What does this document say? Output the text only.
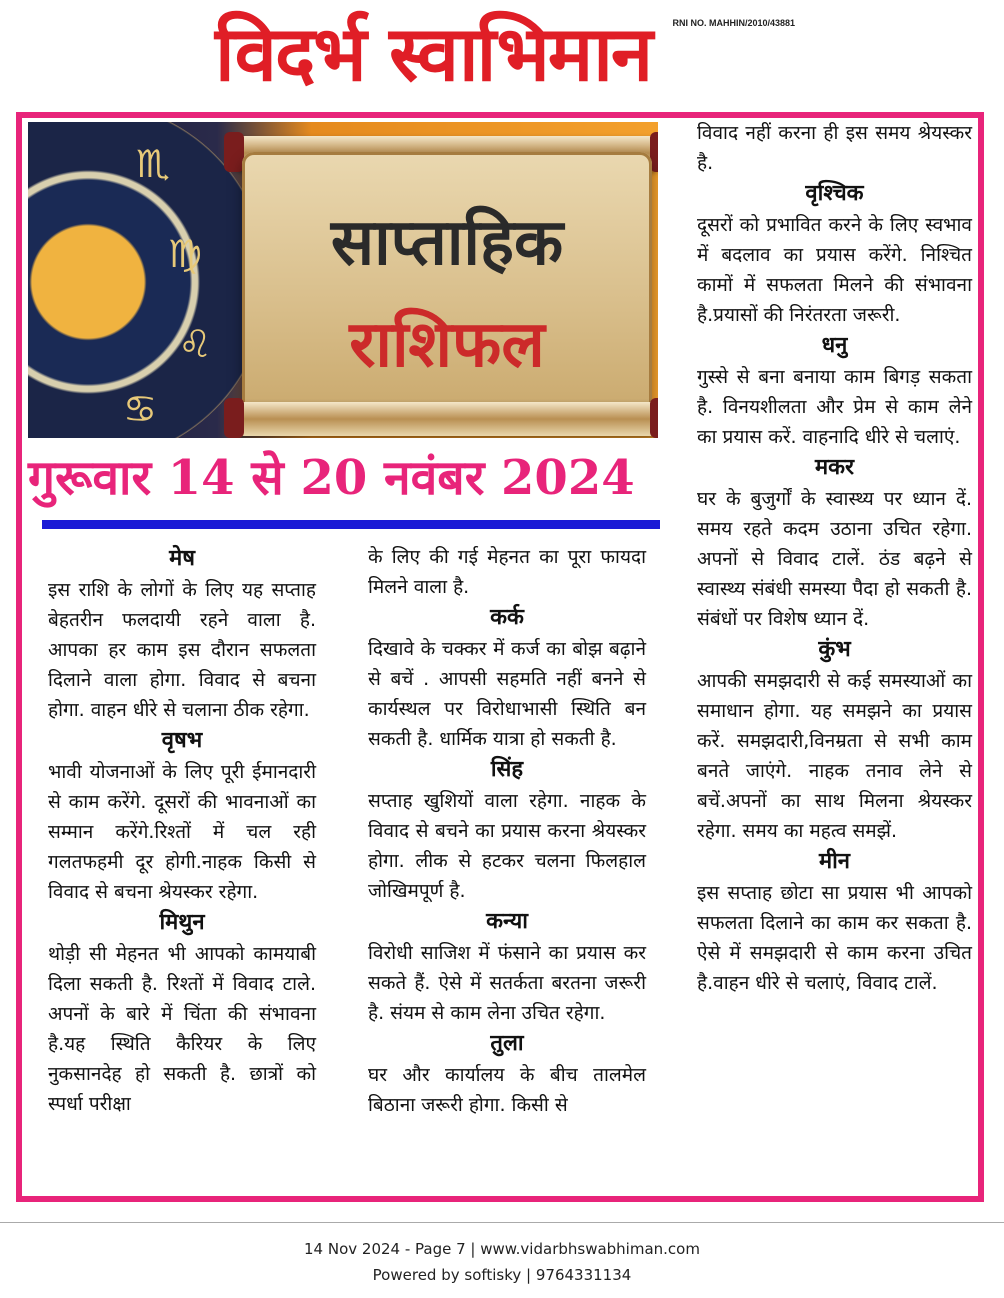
विदर्भ स्वाभिमान RNI NO. MAHHIN/2010/43881
♏
♍
♌
♋
साप्ताहिक
राशिफल
गुरूवार 14 से 20 नवंबर 2024
मेष

इस राशि के लोगों के लिए यह सप्ताह बेहतरीन फलदायी रहने वाला है. आपका हर काम इस दौरान सफलता दिलाने वाला होगा. विवाद से बचना होगा. वाहन धीरे से चलाना ठीक रहेगा.

वृषभ

भावी योजनाओं के लिए पूरी ईमानदारी से काम करेंगे. दूसरों की भावनाओं का सम्मान करेंगे.रिश्तों में चल रही गलतफहमी दूर होगी.नाहक किसी से विवाद से बचना श्रेयस्कर रहेगा.

मिथुन

थोड़ी सी मेहनत भी आपको कामयाबी दिला सकती है. रिश्तों में विवाद टाले. अपनों के बारे में चिंता की संभावना है.यह स्थिति कैरियर के लिए नुकसानदेह हो सकती है. छात्रों को स्पर्धा परीक्षा

के लिए की गई मेहनत का पूरा फायदा मिलने वाला है.

कर्क

दिखावे के चक्कर में कर्ज का बोझ बढ़ाने से बचें . आपसी सहमति नहीं बनने से कार्यस्थल पर विरोधाभासी स्थिति बन सकती है. धार्मिक यात्रा हो सकती है.

सिंह

सप्ताह खुशियों वाला रहेगा. नाहक के विवाद से बचने का प्रयास करना श्रेयस्कर होगा. लीक से हटकर चलना फिलहाल जोखिमपूर्ण है.

कन्या

विरोधी साजिश में फंसाने का प्रयास कर सकते हैं. ऐसे में सतर्कता बरतना जरूरी है. संयम से काम लेना उचित रहेगा.

तुला

घर और कार्यालय के बीच तालमेल बिठाना जरूरी होगा. किसी से

विवाद नहीं करना ही इस समय श्रेयस्कर है.

वृश्चिक

दूसरों को प्रभावित करने के लिए स्वभाव में बदलाव का प्रयास करेंगे. निश्चित कामों में सफलता मिलने की संभावना है.प्रयासों की निरंतरता जरूरी.

धनु

गुस्से से बना बनाया काम बिगड़ सकता है. विनयशीलता और प्रेम से काम लेने का प्रयास करें. वाहनादि धीरे से चलाएं.

मकर

घर के बुजुर्गों के स्वास्थ्य पर ध्यान दें. समय रहते कदम उठाना उचित रहेगा. अपनों से विवाद टालें. ठंड बढ़ने से स्वास्थ्य संबंधी समस्या पैदा हो सकती है. संबंधों पर विशेष ध्यान दें.

कुंभ

आपकी समझदारी से कई समस्याओं का समाधान होगा. यह समझने का प्रयास करें. समझदारी,विनम्रता से सभी काम बनते जाएंगे. नाहक तनाव लेने से बचें.अपनों का साथ मिलना श्रेयस्कर रहेगा. समय का महत्व समझें.

मीन

इस सप्ताह छोटा सा प्रयास भी आपको सफलता दिलाने का काम कर सकता है. ऐसे में समझदारी से काम करना उचित है.वाहन धीरे से चलाएं, विवाद टालें.

14 Nov 2024 - Page 7 | www.vidarbhswabhiman.com
Powered by softisky | 9764331134
